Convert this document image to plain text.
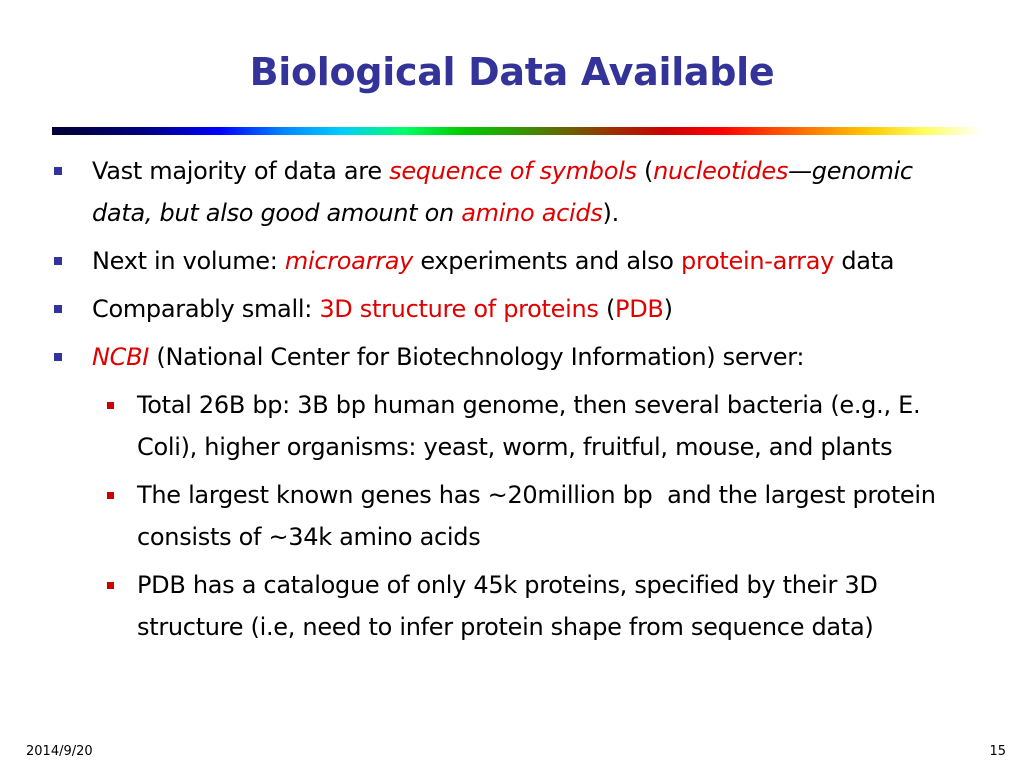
Biological Data Available
Vast majority of data are sequence of symbols (nucleotides—genomic data, but also good amount on amino acids).
Next in volume: microarray experiments and also protein-array data
Comparably small: 3D structure of proteins (PDB)
NCBI (National Center for Biotechnology Information) server:
Total 26B bp: 3B bp human genome, then several bacteria (e.g., E. Coli), higher organisms: yeast, worm, fruitful, mouse, and plants
The largest known genes has ~20million bp  and the largest protein consists of ~34k amino acids
PDB has a catalogue of only 45k proteins, specified by their 3D structure (i.e, need to infer protein shape from sequence data)
2014/9/20	15
